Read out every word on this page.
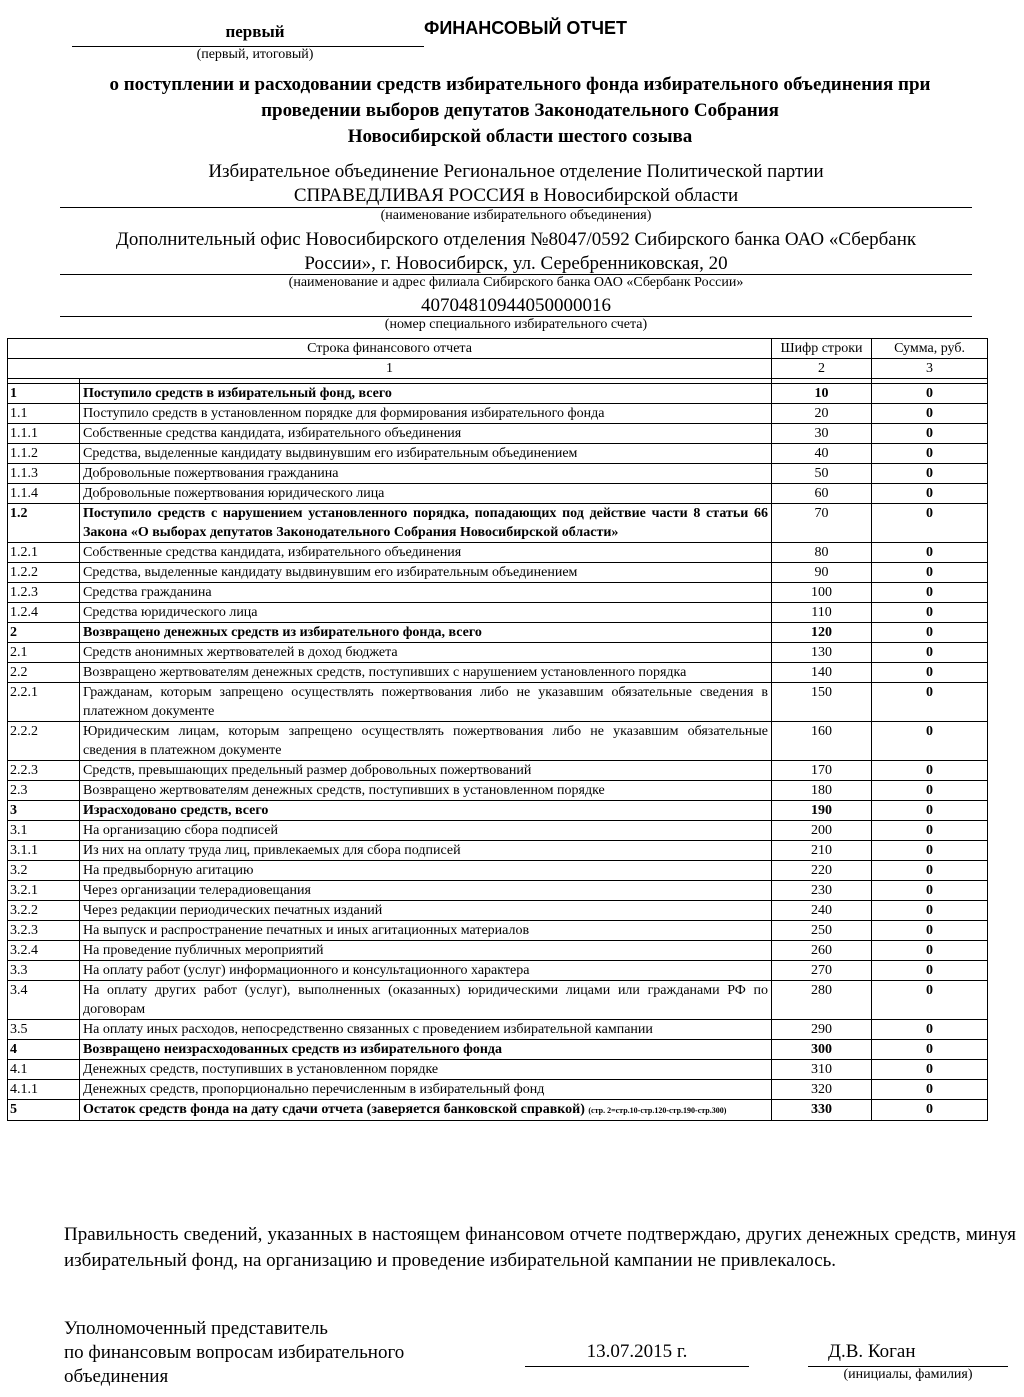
первый
(первый, итоговый)
ФИНАНСОВЫЙ ОТЧЕТ
о поступлении и расходовании средств избирательного фонда избирательного объединения при
проведении выборов депутатов Законодательного Собрания
Новосибирской области шестого созыва
Избирательное объединение Региональное отделение Политической партии
СПРАВЕДЛИВАЯ РОССИЯ в Новосибирской области
(наименование избирательного объединения)
Дополнительный офис Новосибирского отделения №8047/0592 Сибирского банка ОАО «Сбербанк
России», г. Новосибирск, ул. Серебренниковская, 20
(наименование и адрес филиала Сибирского банка ОАО «Сбербанк России»
40704810944050000016
(номер специального избирательного счета)
Строка финансового отчета		Шифр строки	Сумма, руб.
1		2	3

1	Поступило средств в избирательный фонд, всего	10	0
1.1	Поступило средств в установленном порядке для формирования избирательного фонда	20	0
1.1.1	Собственные средства кандидата, избирательного объединения	30	0
1.1.2	Средства, выделенные кандидату выдвинувшим его избирательным объединением	40	0
1.1.3	Добровольные пожертвования гражданина	50	0
1.1.4	Добровольные пожертвования юридического лица	60	0
1.2	Поступило средств с нарушением установленного порядка, попадающих под действие части 8 статьи 66 Закона «О выборах депутатов Законодательного Собрания Новосибирской области»	70	0
1.2.1	Собственные средства кандидата, избирательного объединения	80	0
1.2.2	Средства, выделенные кандидату выдвинувшим его избирательным объединением	90	0
1.2.3	Средства гражданина	100	0
1.2.4	Средства юридического лица	110	0
2	Возвращено денежных средств из избирательного фонда, всего	120	0
2.1	Средств анонимных жертвователей в доход бюджета	130	0
2.2	Возвращено жертвователям денежных средств, поступивших с нарушением установленного порядка	140	0
2.2.1	Гражданам, которым запрещено осуществлять пожертвования либо не указавшим обязательные сведения в платежном документе	150	0
2.2.2	Юридическим лицам, которым запрещено осуществлять пожертвования либо не указавшим обязательные сведения в платежном документе	160	0
2.2.3	Средств, превышающих предельный размер добровольных пожертвований	170	0
2.3	Возвращено жертвователям денежных средств, поступивших в установленном порядке	180	0
3	Израсходовано средств, всего	190	0
3.1	На организацию сбора подписей	200	0
3.1.1	Из них на оплату труда лиц, привлекаемых для сбора подписей	210	0
3.2	На предвыборную агитацию	220	0
3.2.1	Через организации телерадиовещания	230	0
3.2.2	Через редакции периодических печатных изданий	240	0
3.2.3	На выпуск и распространение печатных и иных агитационных материалов	250	0
3.2.4	На проведение публичных мероприятий	260	0
3.3	На оплату работ (услуг) информационного и консультационного характера	270	0
3.4	На оплату других работ (услуг), выполненных (оказанных) юридическими лицами или гражданами РФ по договорам	280	0
3.5	На оплату иных расходов, непосредственно связанных с проведением избирательной кампании	290	0
4	Возвращено неизрасходованных средств из избирательного фонда	300	0
4.1	Денежных средств, поступивших в установленном порядке	310	0
4.1.1	Денежных средств, пропорционально перечисленным в избирательный фонд	320	0
5	Остаток средств фонда на дату сдачи отчета (заверяется банковской справкой) (стр. 2=стр.10-стр.120-стр.190-стр.300)	330	0
Правильность сведений, указанных в настоящем финансовом отчете подтверждаю, других денежных средств, минуя избирательный фонд, на организацию и проведение избирательной кампании не привлекалось.
Уполномоченный представитель
по финансовым вопросам избирательного
объединения
13.07.2015 г.	Д.В. Коган
(инициалы, фамилия)
